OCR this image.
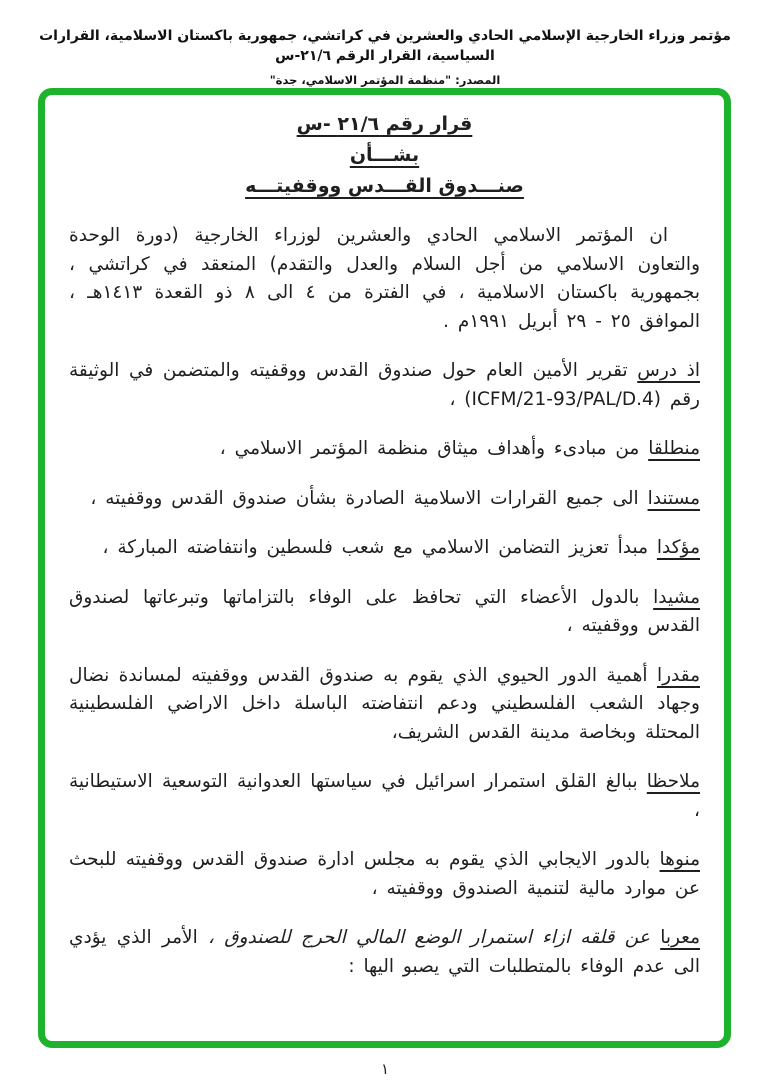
مؤتمر وزراء الخارجية الإسلامي الحادي والعشرين في كراتشي، جمهورية باكستان الاسلامية، القرارات السياسية، القرار الرقم ٢١/٦-س
المصدر: "منظمة المؤتمر الاسلامي، جدة"
قرار رقم ٢١/٦ -س
بشـــأن
صنـــدوق القـــدس ووقفيتـــه

ان المؤتمر الاسلامي الحادي والعشرين لوزراء الخارجية (دورة الوحدة والتعاون الاسلامي من أجل السلام والعدل والتقدم) المنعقد في كراتشي ، بجمهورية باكستان الاسلامية ، في الفترة من ٤ الى ٨ ذو القعدة ١٤١٣هـ ، الموافق ٢٥ - ٢٩ أبريل ١٩٩١م .

اذ درس تقرير الأمين العام حول صندوق القدس ووقفيته والمتضمن في الوثيقة رقم (ICFM/21-93/PAL/D.4) ،

منطلقا من مبادىء وأهداف ميثاق منظمة المؤتمر الاسلامي ،

مستندا الى جميع القرارات الاسلامية الصادرة بشأن صندوق القدس ووقفيته ،

مؤكدا مبدأ تعزيز التضامن الاسلامي مع شعب فلسطين وانتفاضته المباركة ،

مشيدا بالدول الأعضاء التي تحافظ على الوفاء بالتزاماتها وتبرعاتها لصندوق القدس ووقفيته ،

مقدرا أهمية الدور الحيوي الذي يقوم به صندوق القدس ووقفيته لمساندة نضال وجهاد الشعب الفلسطيني ودعم انتفاضته الباسلة داخل الاراضي الفلسطينية المحتلة وبخاصة مدينة القدس الشريف،

ملاحظا ببالغ القلق استمرار اسرائيل في سياستها العدوانية التوسعية الاستيطانية ،

منوها بالدور الايجابي الذي يقوم به مجلس ادارة صندوق القدس ووقفيته للبحث عن موارد مالية لتنمية الصندوق ووقفيته ،

معربا عن قلقه ازاء استمرار الوضع المالي الحرج للصندوق ، الأمر الذي يؤدي الى عدم الوفاء بالمتطلبات التي يصبو اليها :

١
